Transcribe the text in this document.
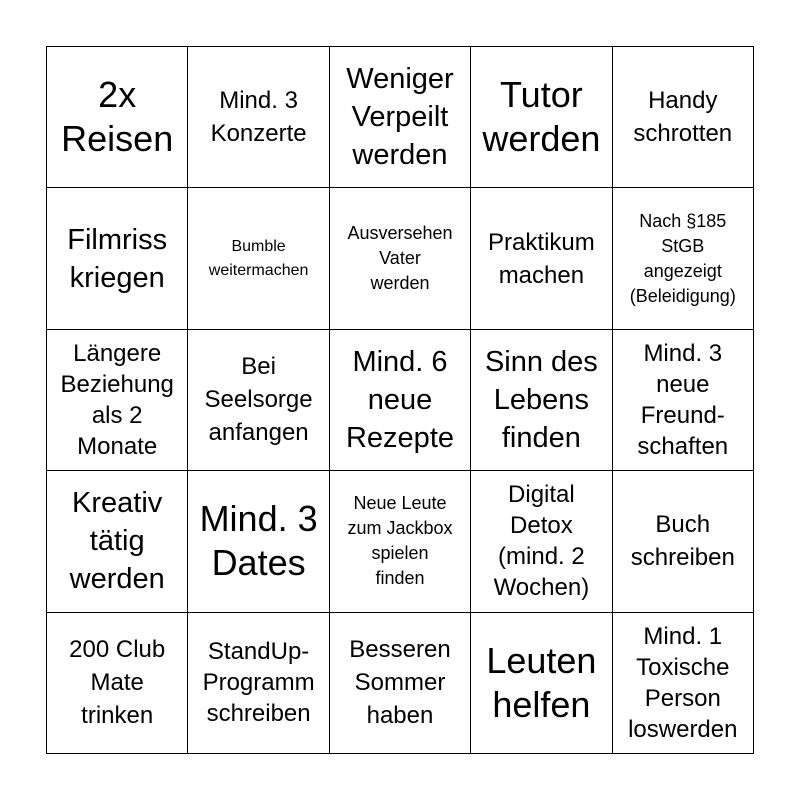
2x
Reisen
Mind. 3
Konzerte
Weniger
Verpeilt
werden
Tutor
werden
Handy
schrotten
Filmriss
kriegen
Bumble
weitermachen
Ausversehen
Vater
werden
Praktikum
machen
Nach §185
StGB
angezeigt
(Beleidigung)
Längere
Beziehung
als 2
Monate
Bei
Seelsorge
anfangen
Mind. 6
neue
Rezepte
Sinn des
Lebens
finden
Mind. 3
neue
Freund-
schaften
Kreativ
tätig
werden
Mind. 3
Dates
Neue Leute
zum Jackbox
spielen
finden
Digital
Detox
(mind. 2
Wochen)
Buch
schreiben
200 Club
Mate
trinken
StandUp-
Programm
schreiben
Besseren
Sommer
haben
Leuten
helfen
Mind. 1
Toxische
Person
loswerden
